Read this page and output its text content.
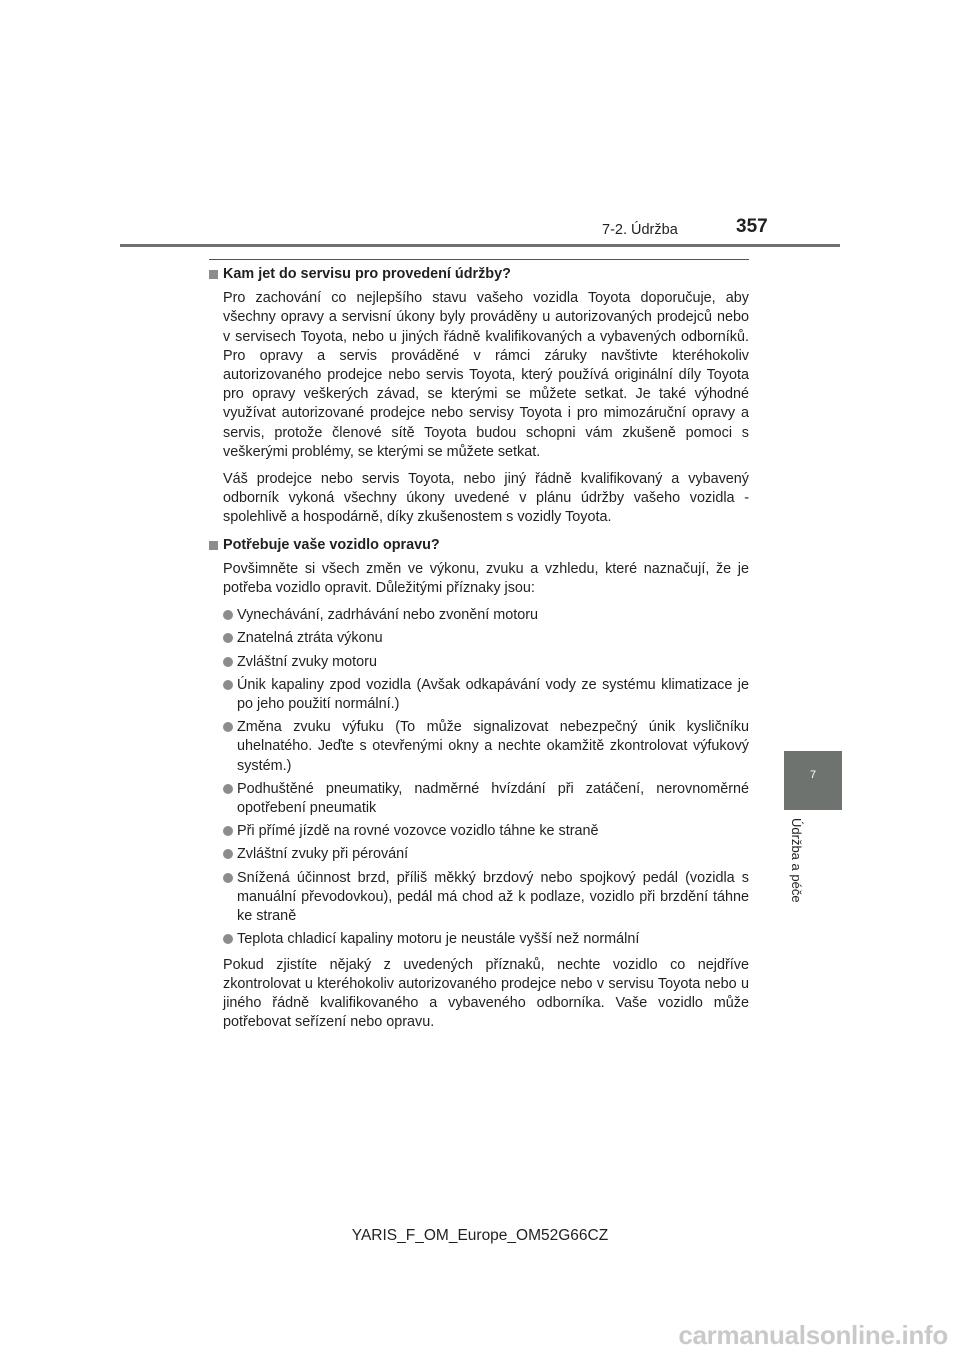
7-2. Údržba	357
7
Údržba a péče
Kam jet do servisu pro provedení údržby?

Pro zachování co nejlepšího stavu vašeho vozidla Toyota doporučuje, aby všechny opravy a servisní úkony byly prováděny u autorizovaných prodejců nebo v servisech Toyota, nebo u jiných řádně kvalifikovaných a vybavených odborníků. Pro opravy a servis prováděné v rámci záruky navštivte kteréhokoliv autorizovaného prodejce nebo servis Toyota, který používá originální díly Toyota pro opravy veškerých závad, se kterými se můžete setkat. Je také výhodné využívat autorizované prodejce nebo servisy Toyota i pro mimozáruční opravy a servis, protože členové sítě Toyota budou schopni vám zkušeně pomoci s veškerými problémy, se kterými se můžete setkat.

Váš prodejce nebo servis Toyota, nebo jiný řádně kvalifikovaný a vybavený odborník vykoná všechny úkony uvedené v plánu údržby vašeho vozidla - spolehlivě a hospodárně, díky zkušenostem s vozidly Toyota.

Potřebuje vaše vozidlo opravu?

Povšimněte si všech změn ve výkonu, zvuku a vzhledu, které naznačují, že je potřeba vozidlo opravit. Důležitými příznaky jsou:

Vynechávání, zadrhávání nebo zvonění motoru
Znatelná ztráta výkonu
Zvláštní zvuky motoru
Únik kapaliny zpod vozidla (Avšak odkapávání vody ze systému klimatizace je po jeho použití normální.)
Změna zvuku výfuku (To může signalizovat nebezpečný únik kysličníku uhelnatého. Jeďte s otevřenými okny a nechte okamžitě zkontrolovat výfukový systém.)
Podhuštěné pneumatiky, nadměrné hvízdání při zatáčení, nerovnoměrné opotřebení pneumatik
Při přímé jízdě na rovné vozovce vozidlo táhne ke straně
Zvláštní zvuky při pérování
Snížená účinnost brzd, příliš měkký brzdový nebo spojkový pedál (vozidla s manuální převodovkou), pedál má chod až k podlaze, vozidlo při brzdění táhne ke straně
Teplota chladicí kapaliny motoru je neustále vyšší než normální

Pokud zjistíte nějaký z uvedených příznaků, nechte vozidlo co nejdříve zkontrolovat u kteréhokoliv autorizovaného prodejce nebo v servisu Toyota nebo u jiného řádně kvalifikovaného a vybaveného odborníka. Vaše vozidlo může potřebovat seřízení nebo opravu.

YARIS_F_OM_Europe_OM52G66CZ
carmanualsonline.info
